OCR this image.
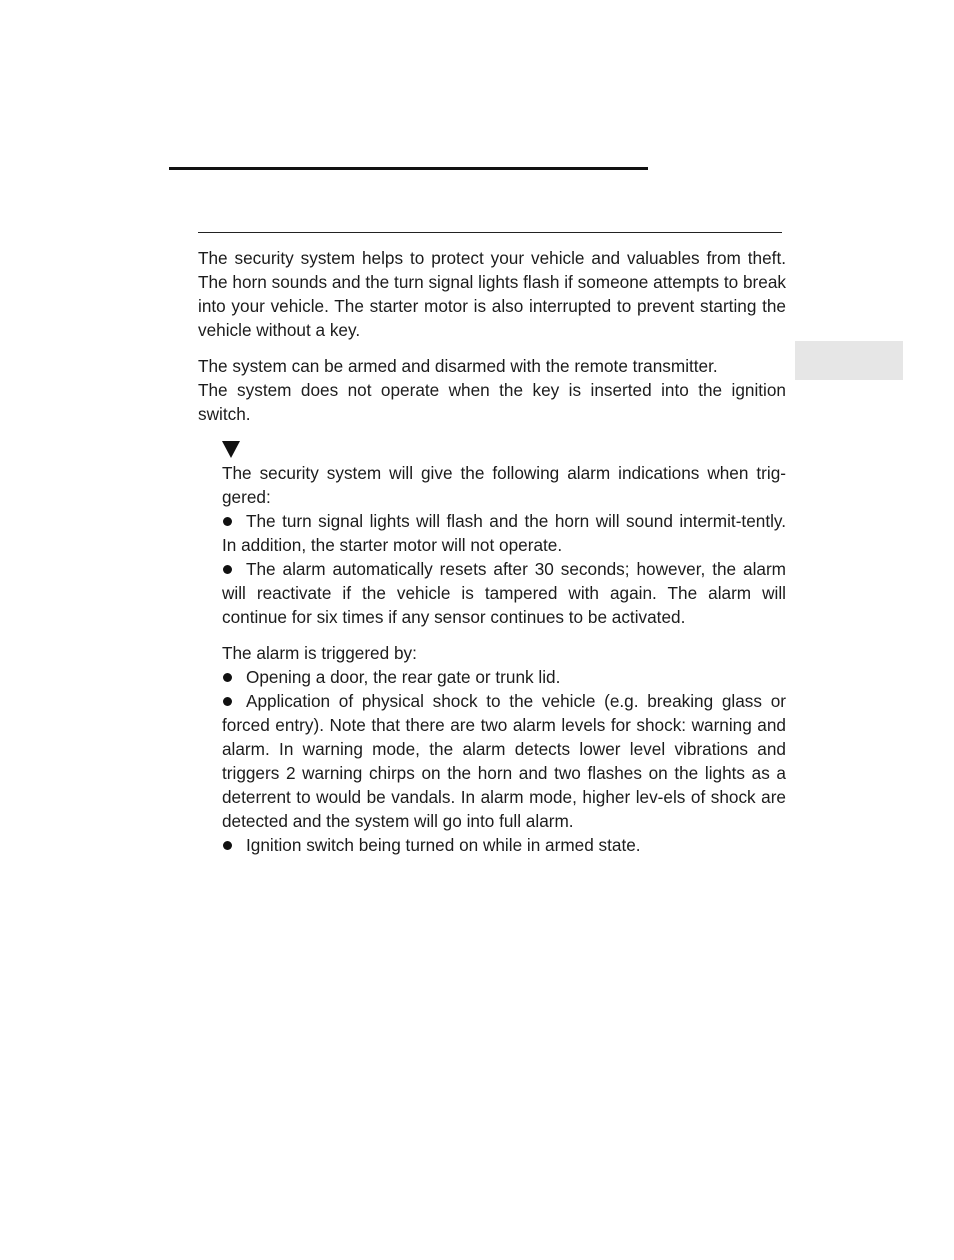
The security system helps to protect your vehicle and valuables from theft. The horn sounds and the turn signal lights flash if someone attempts to break into your vehicle. The starter motor is also interrupted to prevent starting the vehicle without a key.
The system can be armed and disarmed with the remote transmitter.
The system does not operate when the key is inserted into the ignition switch.
The security system will give the following alarm indications when trig-gered:
The turn signal lights will flash and the horn will sound intermit-tently. In addition, the starter motor will not operate.
The alarm automatically resets after 30 seconds; however, the alarm will reactivate if the vehicle is tampered with again. The alarm will continue for six times if any sensor continues to be activated.
The alarm is triggered by:
Opening a door, the rear gate or trunk lid.
Application of physical shock to the vehicle (e.g. breaking glass or forced entry). Note that there are two alarm levels for shock: warning and alarm. In warning mode, the alarm detects lower level vibrations and triggers 2 warning chirps on the horn and two flashes on the lights as a deterrent to would be vandals. In alarm mode, higher lev-els of shock are detected and the system will go into full alarm.
Ignition switch being turned on while in armed state.
